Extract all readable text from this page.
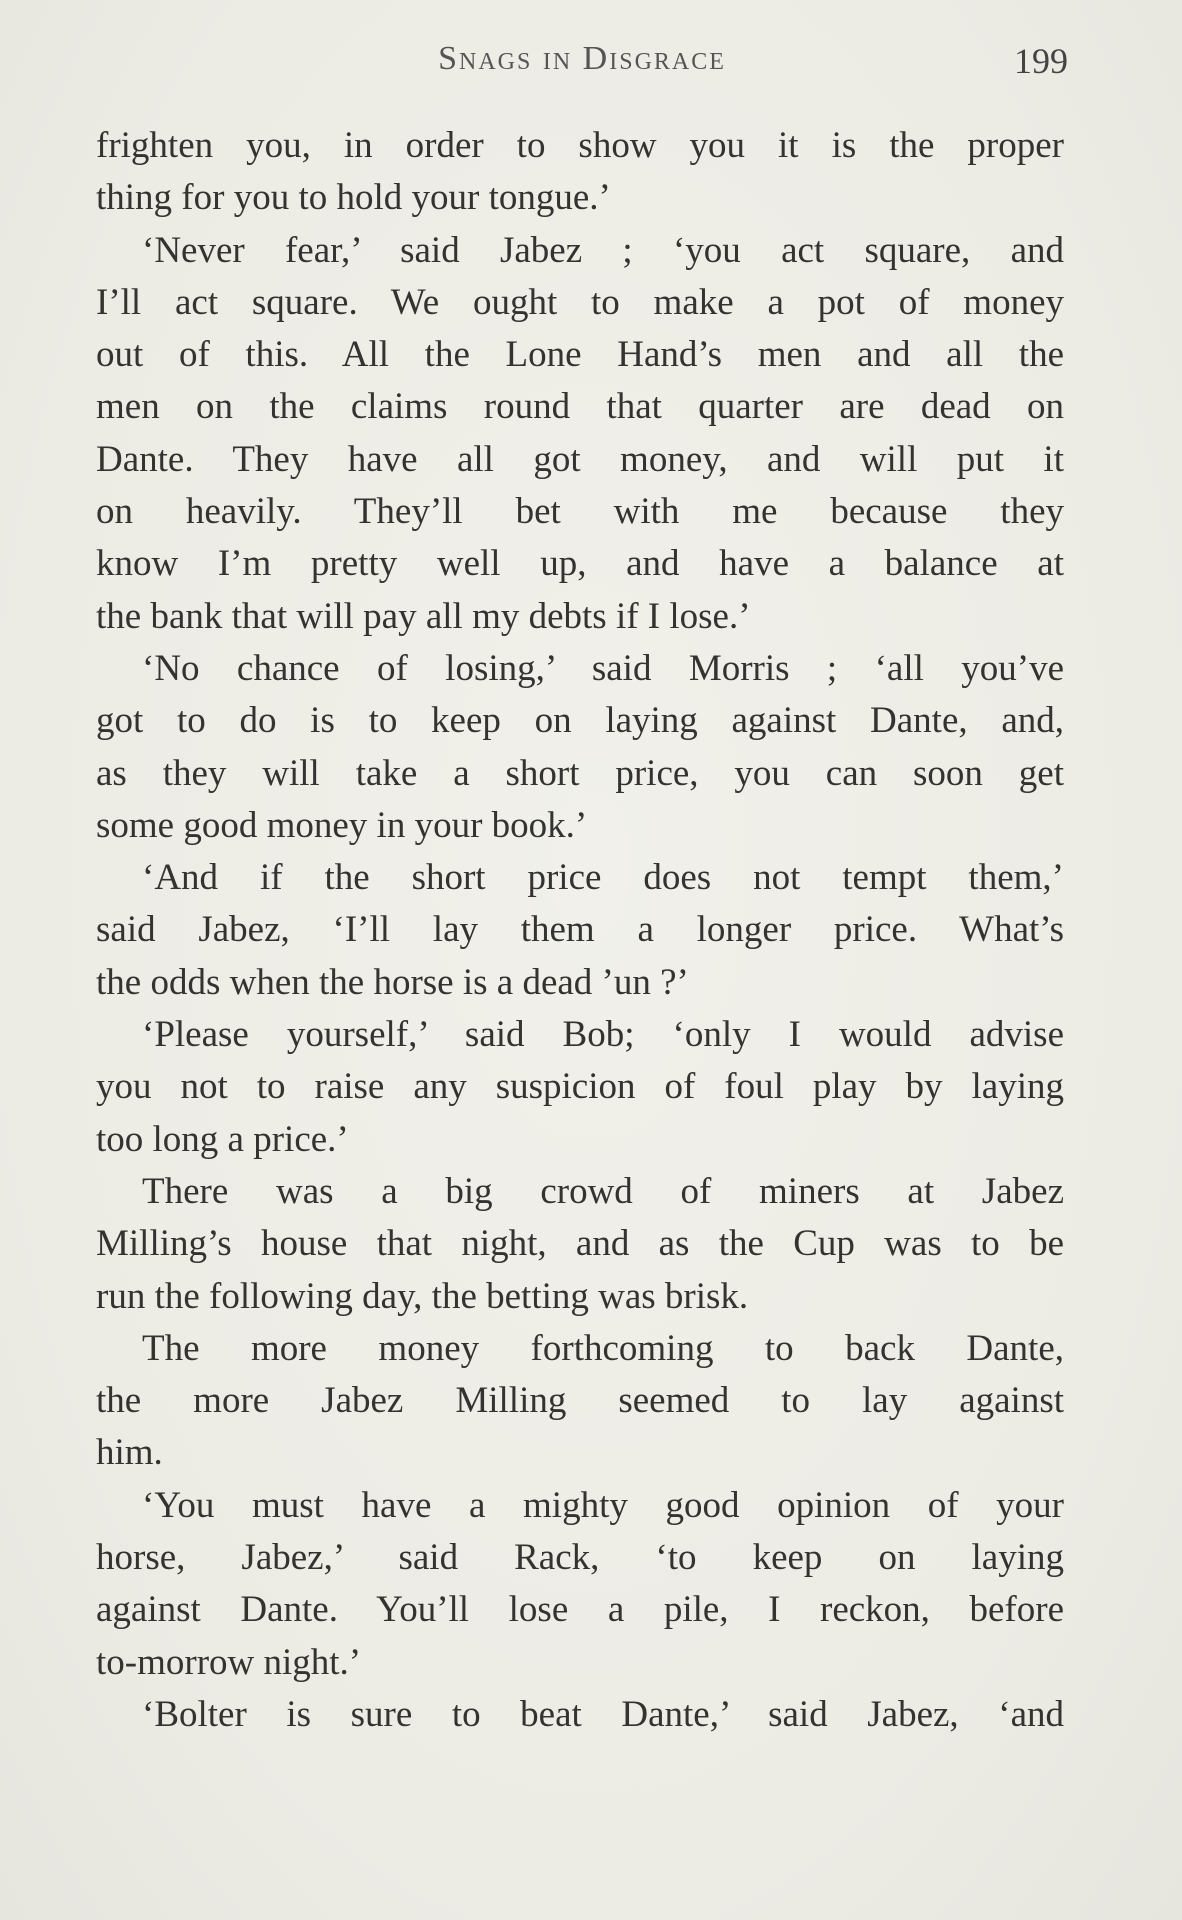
Snags in Disgrace	199
frighten you, in order to show you it is the proper
thing for you to hold your tongue.’
‘Never fear,’ said Jabez ; ‘you act square, and
I’ll act square. We ought to make a pot of money
out of this. All the Lone Hand’s men and all the
men on the claims round that quarter are dead on
Dante. They have all got money, and will put it
on heavily. They’ll bet with me because they
know I’m pretty well up, and have a balance at
the bank that will pay all my debts if I lose.’
‘No chance of losing,’ said Morris ; ‘all you’ve
got to do is to keep on laying against Dante, and,
as they will take a short price, you can soon get
some good money in your book.’
‘And if the short price does not tempt them,’
said Jabez, ‘I’ll lay them a longer price. What’s
the odds when the horse is a dead ’un ?’
‘Please yourself,’ said Bob; ‘only I would advise
you not to raise any suspicion of foul play by laying
too long a price.’
There was a big crowd of miners at Jabez
Milling’s house that night, and as the Cup was to be
run the following day, the betting was brisk.
The more money forthcoming to back Dante,
the more Jabez Milling seemed to lay against
him.
‘You must have a mighty good opinion of your
horse, Jabez,’ said Rack, ‘to keep on laying
against Dante. You’ll lose a pile, I reckon, before
to-morrow night.’
‘Bolter is sure to beat Dante,’ said Jabez, ‘and
